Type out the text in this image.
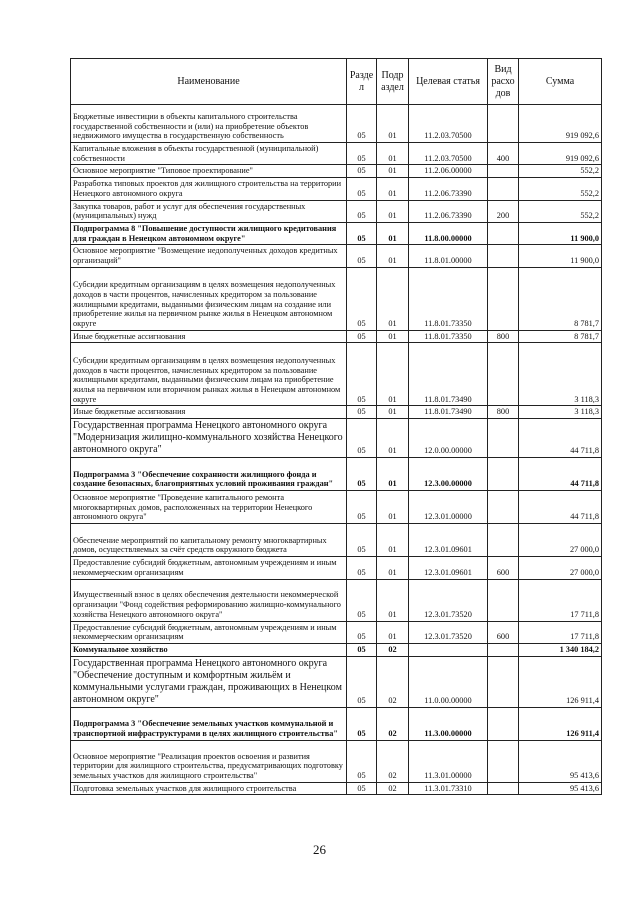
Наименование	Разде л	Подр аздел	Целевая статья	Вид расхо дов	Сумма
Бюджетные инвестиции в объекты капитального строительства государственной собственности и (или) на приобретение объектов недвижимого имущества в государственную собственность	05	01	11.2.03.70500		919 092,6
Капитальные вложения в объекты государственной (муниципальной) собственности	05	01	11.2.03.70500	400	919 092,6
Основное мероприятие "Типовое проектирование"	05	01	11.2.06.00000		552,2
Разработка типовых проектов для жилищного строительства на территории Ненецкого автономного округа	05	01	11.2.06.73390		552,2
Закупка товаров, работ и услуг для обеспечения государственных (муниципальных) нужд	05	01	11.2.06.73390	200	552,2
Подпрограмма 8 "Повышение доступности жилищного кредитования для граждан в Ненецком автономном округе"	05	01	11.8.00.00000		11 900,0
Основное мероприятие "Возмещение недополученных доходов кредитных организаций"	05	01	11.8.01.00000		11 900,0
Субсидии кредитным организациям в целях возмещения недополученных доходов в части процентов, начисленных кредитором за пользование жилищными кредитами, выданными физическим лицам на создание или приобретение жилья на первичном рынке жилья в Ненецком автономном округе	05	01	11.8.01.73350		8 781,7
Иные бюджетные ассигнования	05	01	11.8.01.73350	800	8 781,7
Субсидии кредитным организациям в целях возмещения недополученных доходов в части процентов, начисленных кредитором за пользование жилищными кредитами, выданными физическим лицам на приобретение жилья на первичном или вторичном рынках жилья в Ненецком автономном округе	05	01	11.8.01.73490		3 118,3
Иные бюджетные ассигнования	05	01	11.8.01.73490	800	3 118,3
Государственная программа Ненецкого автономного округа "Модернизация жилищно-коммунального хозяйства Ненецкого автономного округа"	05	01	12.0.00.00000		44 711,8
Подпрограмма 3 "Обеспечение сохранности жилищного фонда и создание безопасных, благоприятных условий проживания граждан"	05	01	12.3.00.00000		44 711,8
Основное мероприятие "Проведение капитального ремонта многоквартирных домов, расположенных на территории Ненецкого автономного округа"	05	01	12.3.01.00000		44 711,8
Обеспечение мероприятий по капитальному ремонту многоквартирных домов, осуществляемых за счёт средств окружного бюджета	05	01	12.3.01.09601		27 000,0
Предоставление субсидий бюджетным, автономным учреждениям и иным некоммерческим организациям	05	01	12.3.01.09601	600	27 000,0
Имущественный взнос в целях обеспечения деятельности некоммерческой организации "Фонд содействия реформированию жилищно-коммунального хозяйства Ненецкого автономного округа"	05	01	12.3.01.73520		17 711,8
Предоставление субсидий бюджетным, автономным учреждениям и иным некоммерческим организациям	05	01	12.3.01.73520	600	17 711,8
Коммунальное хозяйство	05	02			1 340 184,2
Государственная программа Ненецкого автономного округа "Обеспечение доступным и комфортным жильём и коммунальными услугами граждан, проживающих в Ненецком автономном округе"	05	02	11.0.00.00000		126 911,4
Подпрограмма 3 "Обеспечение земельных участков коммунальной и транспортной инфраструктурами в целях жилищного строительства"	05	02	11.3.00.00000		126 911,4
Основное мероприятие "Реализация проектов освоения и развития территории для жилищного строительства, предусматривающих подготовку земельных участков для жилищного строительства"	05	02	11.3.01.00000		95 413,6
Подготовка земельных участков для жилищного строительства	05	02	11.3.01.73310		95 413,6
26
